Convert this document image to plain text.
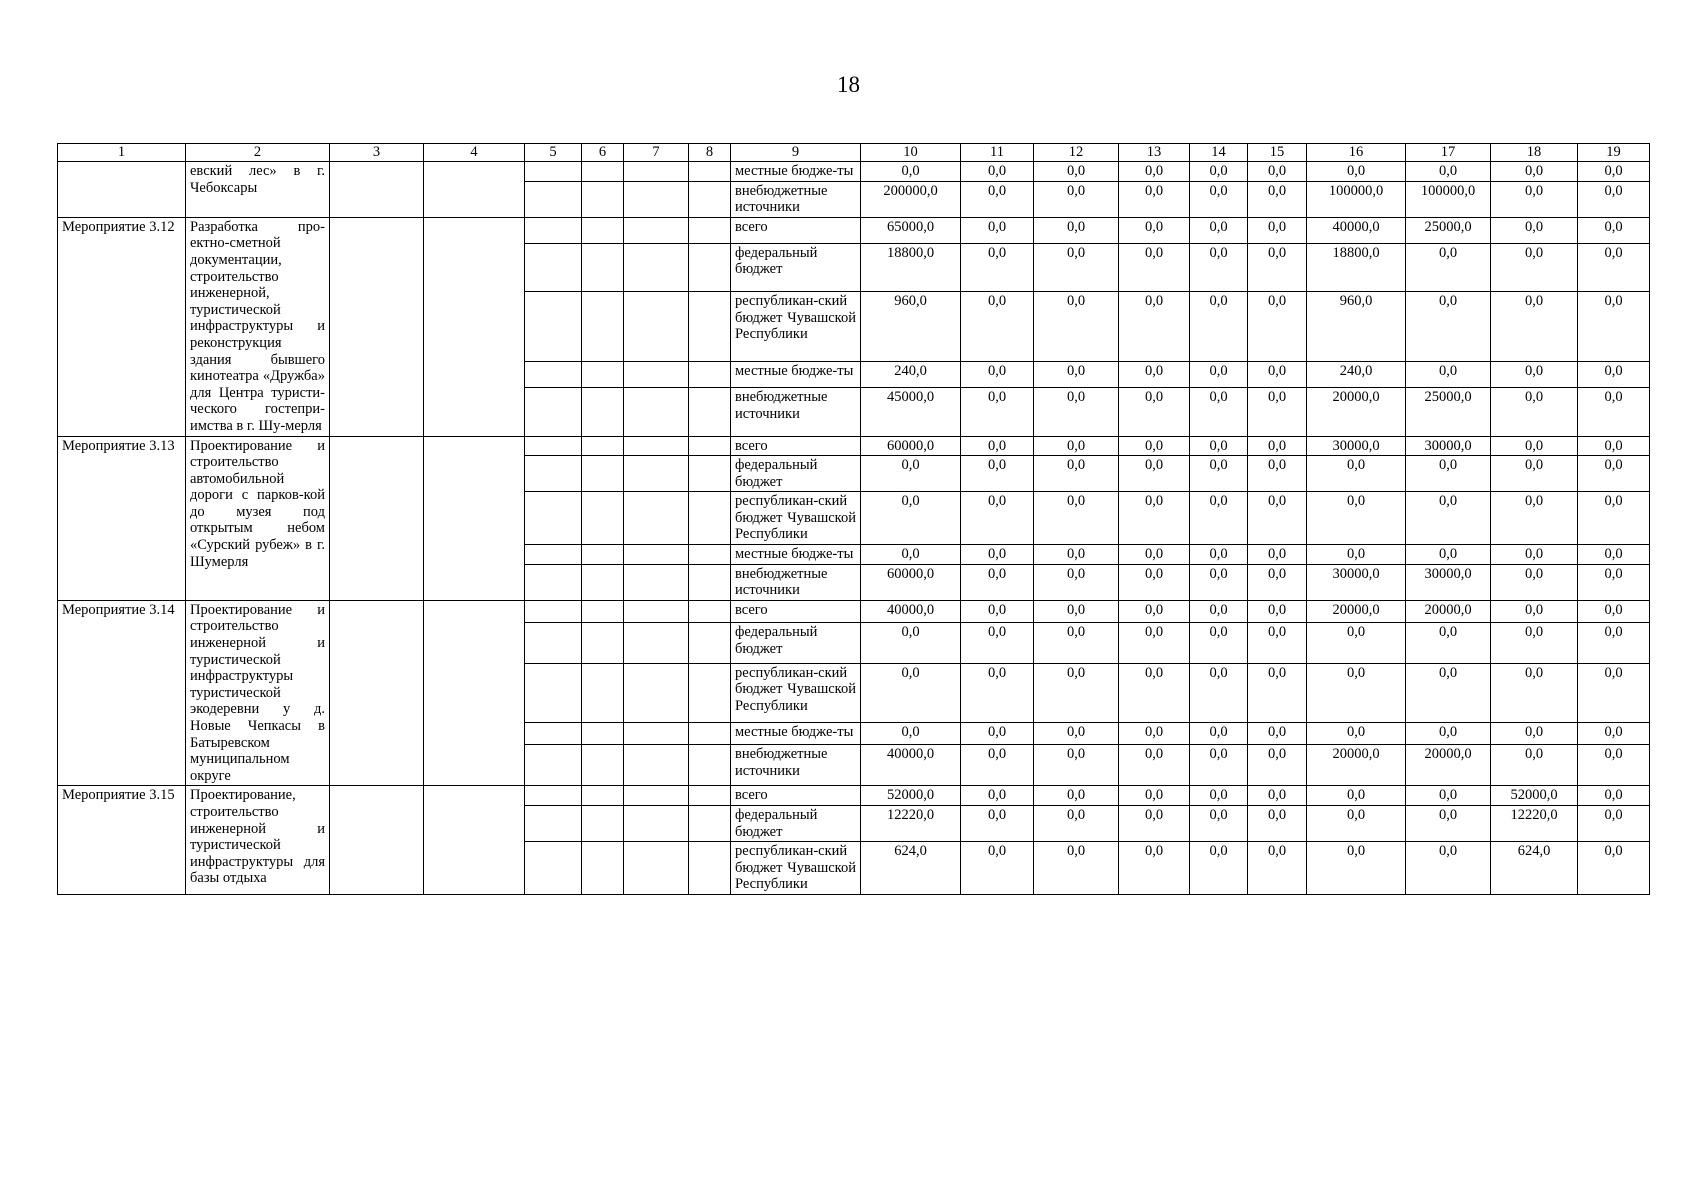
18
1	2	3	4	5	6	7	8	9	10	11	12	13	14	15	16	17	18	19
	евский лес» в г. Чебоксары							местные бюдже-ты	0,0	0,0	0,0	0,0	0,0	0,0	0,0	0,0	0,0	0,0
								внебюджетные источники	200000,0	0,0	0,0	0,0	0,0	0,0	100000,0	100000,0	0,0	0,0
Мероприятие 3.12	Разработка про-ектно-сметной документации, строительство инженерной, туристической инфраструктуры и реконструкция здания бывшего кинотеатра «Дружба» для Центра туристи-ческого гостепри-имства в г. Шу-мерля							всего	65000,0	0,0	0,0	0,0	0,0	0,0	40000,0	25000,0	0,0	0,0
								федеральный бюджет	18800,0	0,0	0,0	0,0	0,0	0,0	18800,0	0,0	0,0	0,0
								республикан-ский бюджет Чувашской Республики	960,0	0,0	0,0	0,0	0,0	0,0	960,0	0,0	0,0	0,0
								местные бюдже-ты	240,0	0,0	0,0	0,0	0,0	0,0	240,0	0,0	0,0	0,0
								внебюджетные источники	45000,0	0,0	0,0	0,0	0,0	0,0	20000,0	25000,0	0,0	0,0
Мероприятие 3.13	Проектирование и строительство автомобильной дороги с парков-кой до музея под открытым небом «Сурский рубеж» в г. Шумерля							всего	60000,0	0,0	0,0	0,0	0,0	0,0	30000,0	30000,0	0,0	0,0
								федеральный бюджет	0,0	0,0	0,0	0,0	0,0	0,0	0,0	0,0	0,0	0,0
								республикан-ский бюджет Чувашской Республики	0,0	0,0	0,0	0,0	0,0	0,0	0,0	0,0	0,0	0,0
								местные бюдже-ты	0,0	0,0	0,0	0,0	0,0	0,0	0,0	0,0	0,0	0,0
								внебюджетные источники	60000,0	0,0	0,0	0,0	0,0	0,0	30000,0	30000,0	0,0	0,0
Мероприятие 3.14	Проектирование и строительство инженерной и туристической инфраструктуры туристической экодеревни у д. Новые Чепкасы в Батыревском муниципальном округе							всего	40000,0	0,0	0,0	0,0	0,0	0,0	20000,0	20000,0	0,0	0,0
								федеральный бюджет	0,0	0,0	0,0	0,0	0,0	0,0	0,0	0,0	0,0	0,0
								республикан-ский бюджет Чувашской Республики	0,0	0,0	0,0	0,0	0,0	0,0	0,0	0,0	0,0	0,0
								местные бюдже-ты	0,0	0,0	0,0	0,0	0,0	0,0	0,0	0,0	0,0	0,0
								внебюджетные источники	40000,0	0,0	0,0	0,0	0,0	0,0	20000,0	20000,0	0,0	0,0
Мероприятие 3.15	Проектирование, строительство инженерной и туристической инфраструктуры для базы отдыха							всего	52000,0	0,0	0,0	0,0	0,0	0,0	0,0	0,0	52000,0	0,0
								федеральный бюджет	12220,0	0,0	0,0	0,0	0,0	0,0	0,0	0,0	12220,0	0,0
								республикан-ский бюджет Чувашской Республики	624,0	0,0	0,0	0,0	0,0	0,0	0,0	0,0	624,0	0,0
